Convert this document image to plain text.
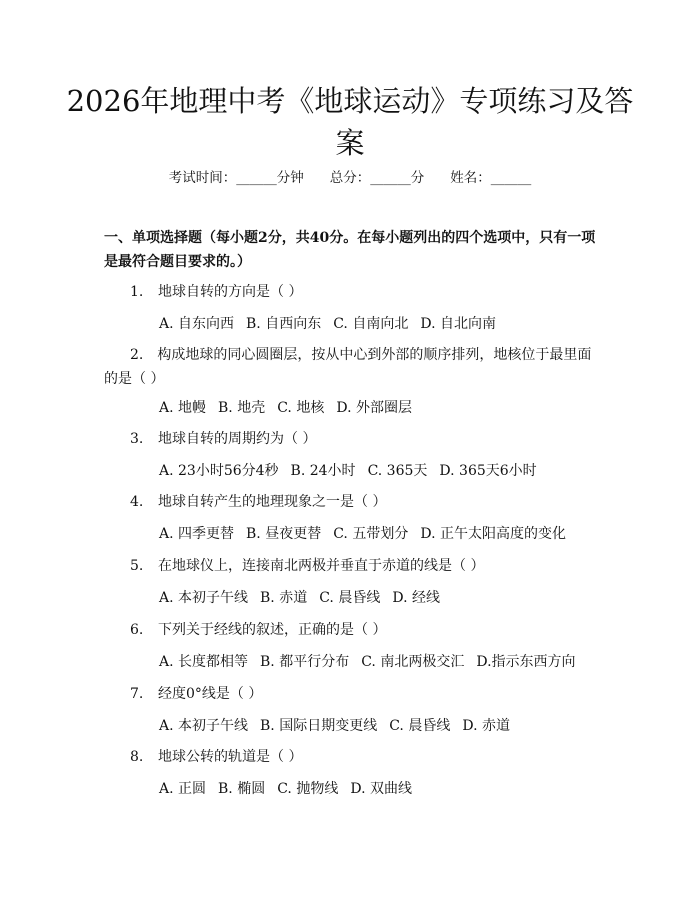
2026年地理中考《地球运动》专项练习及答案
考试时间：______分钟 总分：______分 姓名：______

一、单项选择题（每小题2分，共40分。在每小题列出的四个选项中，只有一项是最符合题目要求的。）

1. 地球自转的方向是（ ）

A. 自东向西 B. 自西向东 C. 自南向北 D. 自北向南

2. 构成地球的同心圆圈层，按从中心到外部的顺序排列，地核位于最里面的是（ ）

A. 地幔 B. 地壳 C. 地核 D. 外部圈层

3. 地球自转的周期约为（ ）

A. 23小时56分4秒 B. 24小时 C. 365天 D. 365天6小时

4. 地球自转产生的地理现象之一是（ ）

A. 四季更替 B. 昼夜更替 C. 五带划分 D. 正午太阳高度的变化

5. 在地球仪上，连接南北两极并垂直于赤道的线是（ ）

A. 本初子午线 B. 赤道 C. 晨昏线 D. 经线

6. 下列关于经线的叙述，正确的是（ ）

A. 长度都相等 B. 都平行分布 C. 南北两极交汇 D.指示东西方向

7. 经度0°线是（ ）

A. 本初子午线 B. 国际日期变更线 C. 晨昏线 D. 赤道

8. 地球公转的轨道是（ ）

A. 正圆 B. 椭圆 C. 抛物线 D. 双曲线
